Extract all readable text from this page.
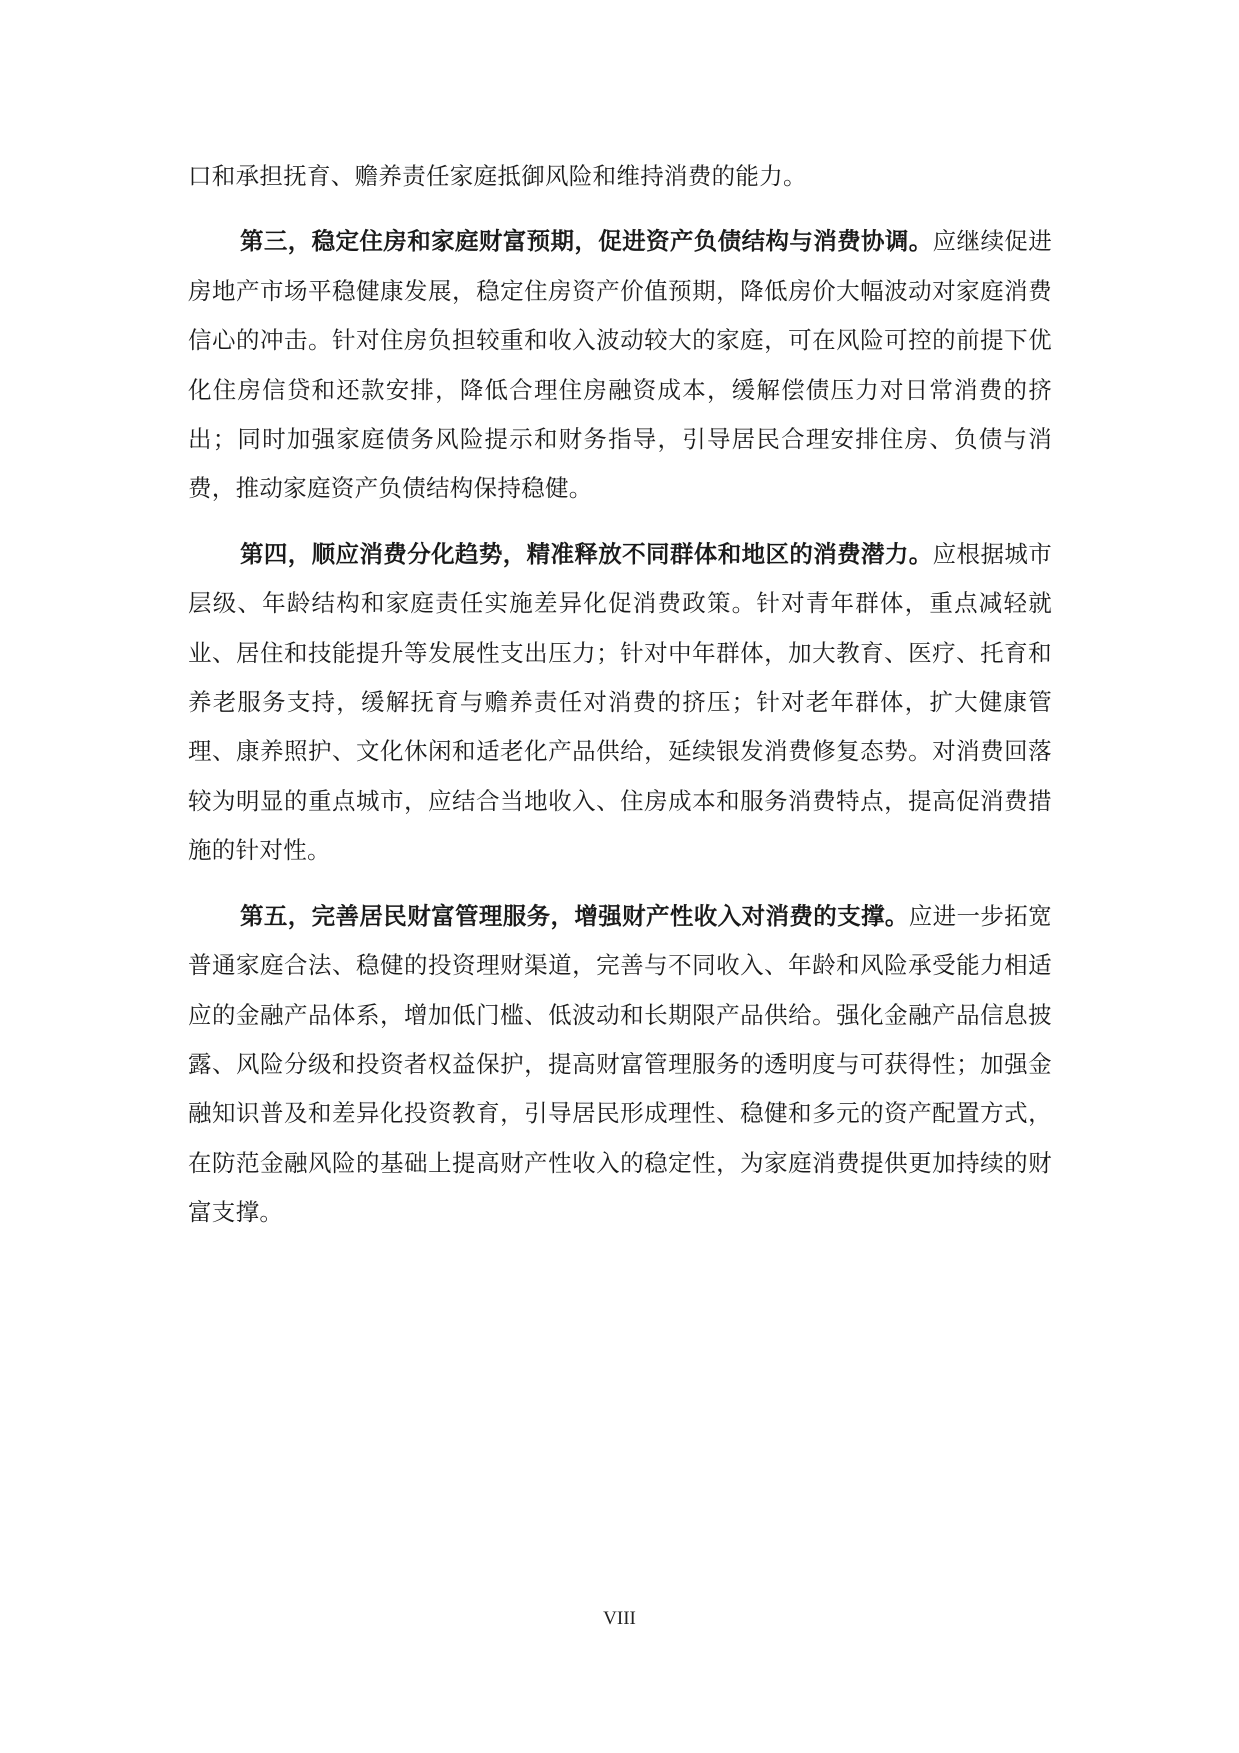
口和承担抚育、赡养责任家庭抵御风险和维持消费的能力。

第三，稳定住房和家庭财富预期，促进资产负债结构与消费协调。应继续促进房地产市场平稳健康发展，稳定住房资产价值预期，降低房价大幅波动对家庭消费信心的冲击。针对住房负担较重和收入波动较大的家庭，可在风险可控的前提下优化住房信贷和还款安排，降低合理住房融资成本，缓解偿债压力对日常消费的挤出；同时加强家庭债务风险提示和财务指导，引导居民合理安排住房、负债与消费，推动家庭资产负债结构保持稳健。

第四，顺应消费分化趋势，精准释放不同群体和地区的消费潜力。应根据城市层级、年龄结构和家庭责任实施差异化促消费政策。针对青年群体，重点减轻就业、居住和技能提升等发展性支出压力；针对中年群体，加大教育、医疗、托育和养老服务支持，缓解抚育与赡养责任对消费的挤压；针对老年群体，扩大健康管理、康养照护、文化休闲和适老化产品供给，延续银发消费修复态势。对消费回落较为明显的重点城市，应结合当地收入、住房成本和服务消费特点，提高促消费措施的针对性。

第五，完善居民财富管理服务，增强财产性收入对消费的支撑。应进一步拓宽普通家庭合法、稳健的投资理财渠道，完善与不同收入、年龄和风险承受能力相适应的金融产品体系，增加低门槛、低波动和长期限产品供给。强化金融产品信息披露、风险分级和投资者权益保护，提高财富管理服务的透明度与可获得性；加强金融知识普及和差异化投资教育，引导居民形成理性、稳健和多元的资产配置方式，在防范金融风险的基础上提高财产性收入的稳定性，为家庭消费提供更加持续的财富支撑。

VIII
